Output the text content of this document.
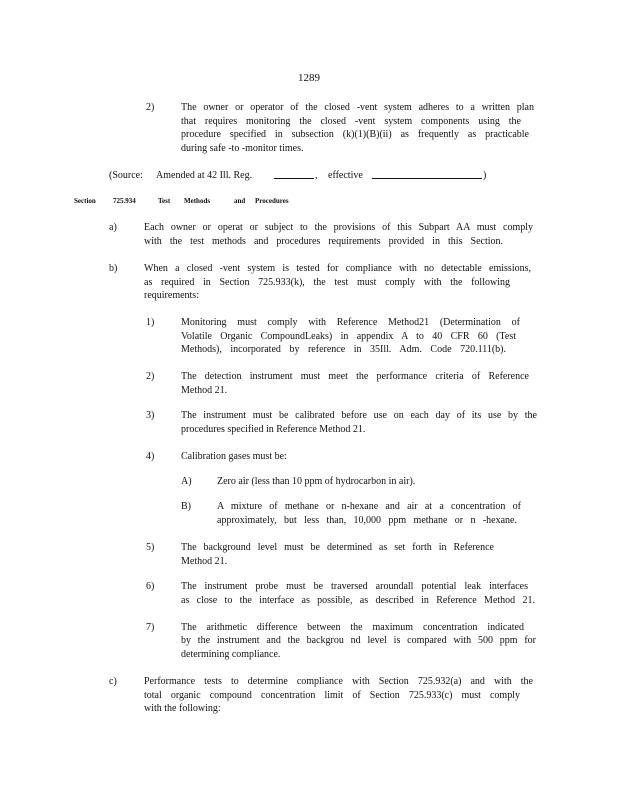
1289
2)	The owner or operator of the closed -vent system adheres to a written plan
that requires monitoring the closed -vent system components using the
procedure specified in subsection (k)(1)(B)(ii) as frequently as practicable
during safe -to -monitor times.
(Source: Amended at 42 Ill. Reg.	, effective	)
Section 725.934	Test Methods	and Procedures
a)	Each owner or operat or subject to the provisions of this Subpart AA must comply
with the test methods and procedures requirements provided in this Section.
b)	When a closed -vent system is tested for compliance with no detectable emissions,
as required in Section 725.933(k), the test must comply with the following
requirements:
1)	Monitoring must comply with Reference Method21 (Determination of
Volatile Organic CompoundLeaks) in appendix A to 40 CFR 60 (Test
Methods), incorporated by reference in 35Ill. Adm. Code 720.111(b).
2)	The detection instrument must meet the performance criteria of Reference
Method 21.
3)	The instrument must be calibrated before use on each day of its use by the
procedures specified in Reference Method 21.
4)	Calibration gases must be:
A)	Zero air (less than 10 ppm of hydrocarbon in air).
B)	A mixture of methane or n-hexane and air at a concentration of
approximately, but less than, 10,000 ppm methane or n -hexane.
5)	The background level must be determined as set forth in Reference
Method 21.
6)	The instrument probe must be traversed aroundall potential leak interfaces
as close to the interface as possible, as described in Reference Method 21.
7)	The arithmetic difference between the maximum concentration indicated
by the instrument and the backgrou nd level is compared with 500 ppm for
determining compliance.
c)	Performance tests to determine compliance with Section 725.932(a) and with the
total organic compound concentration limit of Section 725.933(c) must comply
with the following:
